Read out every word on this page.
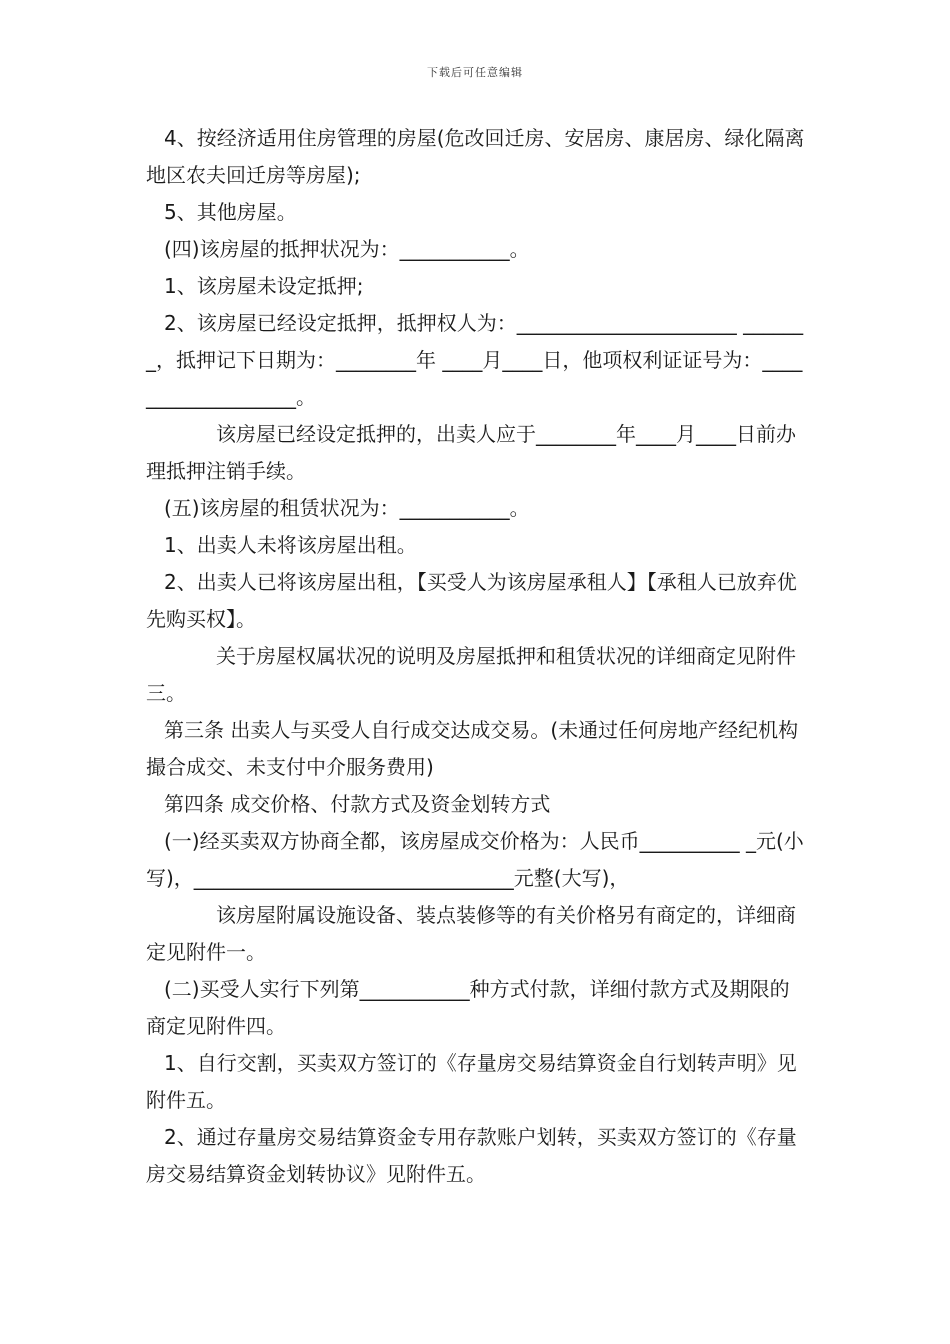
下载后可任意编辑

4、按经济适用住房管理的房屋(危改回迁房、安居房、康居房、绿化隔离地区农夫回迁房等房屋);

5、其他房屋。

(四)该房屋的抵押状况为：___________。

1、该房屋未设定抵押;

2、该房屋已经设定抵押，抵押权人为：______________________ _______，抵押记下日期为：________年 ____月____日，他项权利证证号为：___________________。

该房屋已经设定抵押的，出卖人应于________年____月____日前办理抵押注销手续。

(五)该房屋的租赁状况为：___________。

1、出卖人未将该房屋出租。

2、出卖人已将该房屋出租，【买受人为该房屋承租人】【承租人已放弃优先购买权】。

关于房屋权属状况的说明及房屋抵押和租赁状况的详细商定见附件三。

第三条 出卖人与买受人自行成交达成交易。(未通过任何房地产经纪机构撮合成交、未支付中介服务费用)

第四条 成交价格、付款方式及资金划转方式

(一)经买卖双方协商全都，该房屋成交价格为：人民币__________ _元(小 写)，________________________________元整(大写)，

该房屋附属设施设备、装点装修等的有关价格另有商定的，详细商定见附件一。

(二)买受人实行下列第___________种方式付款，详细付款方式及期限的商定见附件四。

1、自行交割，买卖双方签订的《存量房交易结算资金自行划转声明》见附件五。

2、通过存量房交易结算资金专用存款账户划转，买卖双方签订的《存量房交易结算资金划转协议》见附件五。
